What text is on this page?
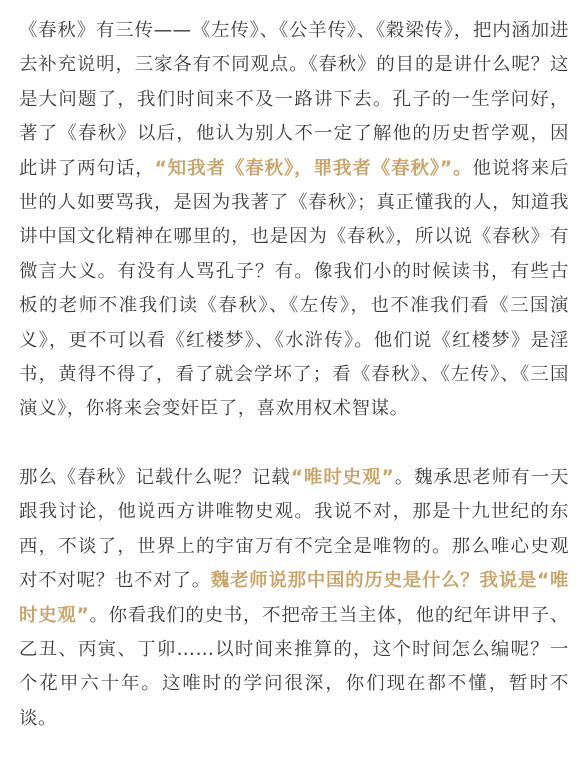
《春秋》有三传——《左传》、《公羊传》、《穀梁传》，把内涵加进去补充说明，三家各有不同观点。《春秋》的目的是讲什么呢？这是大问题了，我们时间来不及一路讲下去。孔子的一生学问好，著了《春秋》以后，他认为别人不一定了解他的历史哲学观，因此讲了两句话，“知我者《春秋》，罪我者《春秋》”。他说将来后世的人如要骂我，是因为我著了《春秋》；真正懂我的人，知道我讲中国文化精神在哪里的，也是因为《春秋》，所以说《春秋》有微言大义。有没有人骂孔子？有。像我们小的时候读书，有些古板的老师不准我们读《春秋》、《左传》，也不准我们看《三国演义》，更不可以看《红楼梦》、《水浒传》。他们说《红楼梦》是淫书，黄得不得了，看了就会学坏了；看《春秋》、《左传》、《三国演义》，你将来会变奸臣了，喜欢用权术智谋。

那么《春秋》记载什么呢？记载“唯时史观”。魏承思老师有一天跟我讨论，他说西方讲唯物史观。我说不对，那是十九世纪的东西，不谈了，世界上的宇宙万有不完全是唯物的。那么唯心史观对不对呢？也不对了。魏老师说那中国的历史是什么？我说是“唯时史观”。你看我们的史书，不把帝王当主体，他的纪年讲甲子、乙丑、丙寅、丁卯……以时间来推算的，这个时间怎么编呢？一个花甲六十年。这唯时的学问很深，你们现在都不懂，暂时不谈。
